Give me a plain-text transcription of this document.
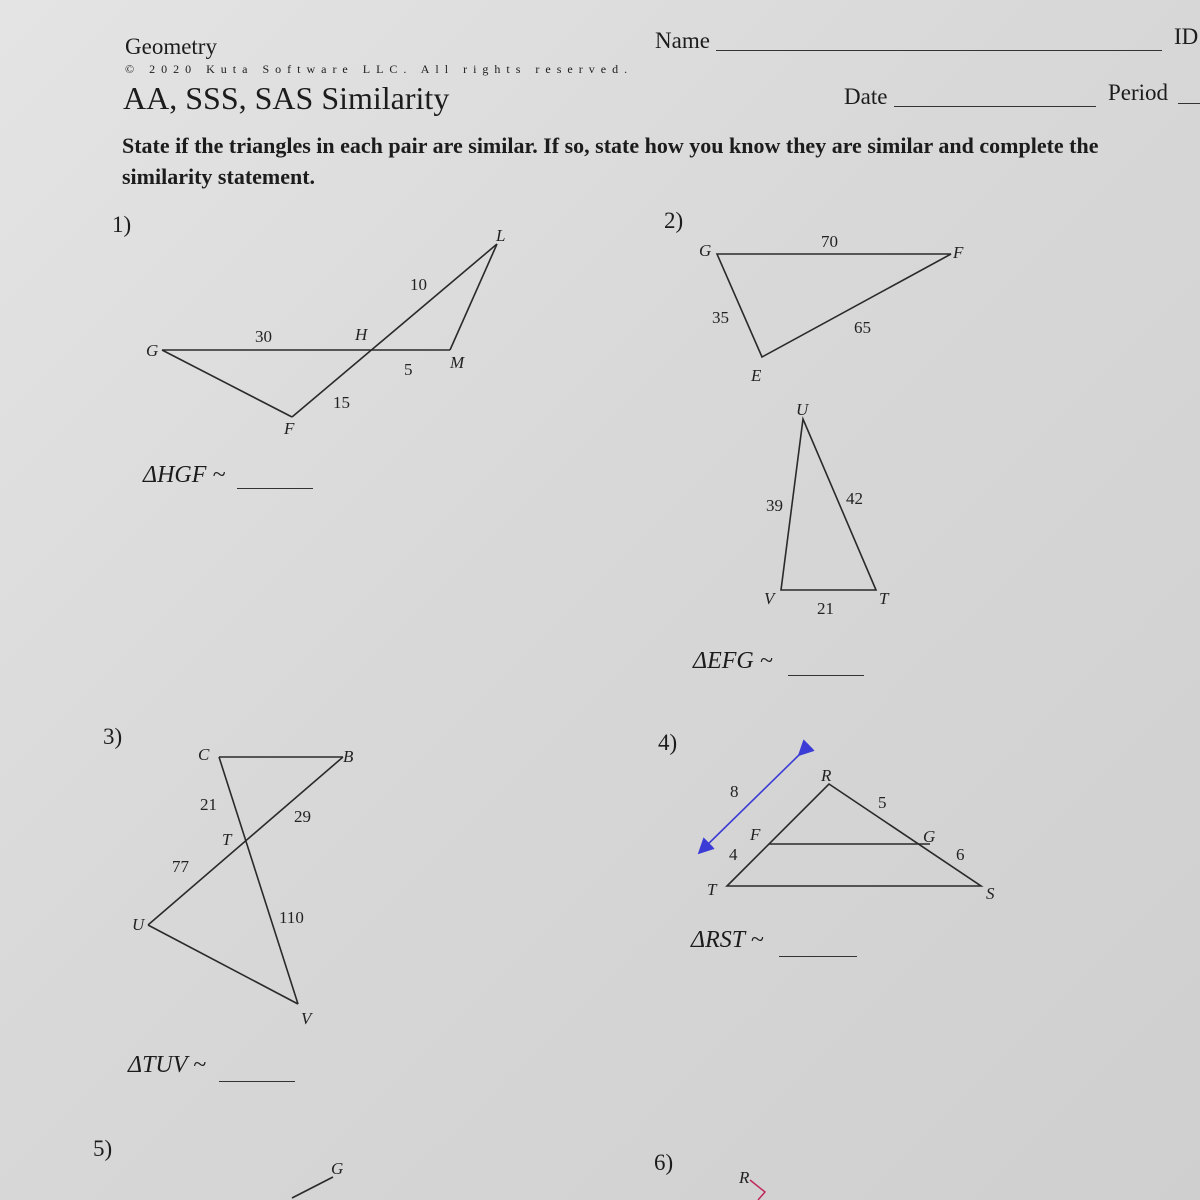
Geometry
© 2020 Kuta Software LLC. All rights reserved.
AA, SSS, SAS Similarity
Name	ID
Date	Period
State if the triangles in each pair are similar. If so, state how you know they are similar and complete the similarity statement.
1)	2)
3)	4)
5)
6)
ΔHGF ~
ΔEFG ~
ΔTUV ~
ΔRST ~
L
H
G
M
F
10
30
5
15
G	F
E
U
V	T
70
35
65
39	42
21
C	B
T
U
V
21
29
77
110
R
F	G
T	S
8
5
4	6
G	R
